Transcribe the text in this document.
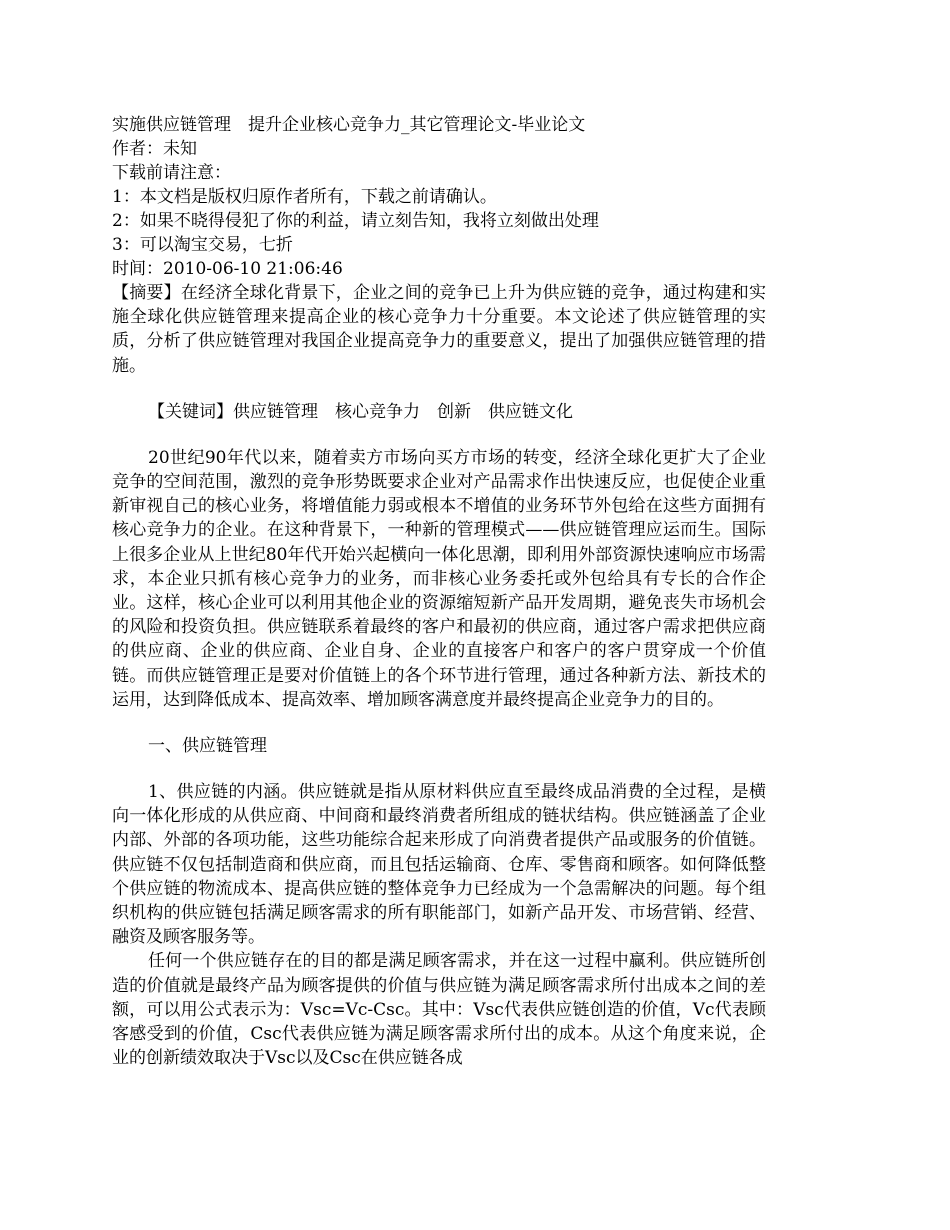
实施供应链管理　提升企业核心竞争力_其它管理论文-毕业论文
作者：未知
下载前请注意：
1：本文档是版权归原作者所有，下载之前请确认。
2：如果不晓得侵犯了你的利益，请立刻告知，我将立刻做出处理
3：可以淘宝交易，七折
时间：2010-06-10 21:06:46

【摘要】在经济全球化背景下，企业之间的竞争已上升为供应链的竞争，通过构建和实施全球化供应链管理来提高企业的核心竞争力十分重要。本文论述了供应链管理的实质，分析了供应链管理对我国企业提高竞争力的重要意义，提出了加强供应链管理的措施。

【关键词】供应链管理　核心竞争力　创新　供应链文化

20世纪90年代以来，随着卖方市场向买方市场的转变，经济全球化更扩大了企业竞争的空间范围，激烈的竞争形势既要求企业对产品需求作出快速反应，也促使企业重新审视自己的核心业务，将增值能力弱或根本不增值的业务环节外包给在这些方面拥有核心竞争力的企业。在这种背景下，一种新的管理模式——供应链管理应运而生。国际上很多企业从上世纪80年代开始兴起横向一体化思潮，即利用外部资源快速响应市场需求，本企业只抓有核心竞争力的业务，而非核心业务委托或外包给具有专长的合作企业。这样，核心企业可以利用其他企业的资源缩短新产品开发周期，避免丧失市场机会的风险和投资负担。供应链联系着最终的客户和最初的供应商，通过客户需求把供应商的供应商、企业的供应商、企业自身、企业的直接客户和客户的客户贯穿成一个价值链。而供应链管理正是要对价值链上的各个环节进行管理，通过各种新方法、新技术的运用，达到降低成本、提高效率、增加顾客满意度并最终提高企业竞争力的目的。

一、供应链管理

1、供应链的内涵。供应链就是指从原材料供应直至最终成品消费的全过程，是横向一体化形成的从供应商、中间商和最终消费者所组成的链状结构。供应链涵盖了企业内部、外部的各项功能，这些功能综合起来形成了向消费者提供产品或服务的价值链。供应链不仅包括制造商和供应商，而且包括运输商、仓库、零售商和顾客。如何降低整个供应链的物流成本、提高供应链的整体竞争力已经成为一个急需解决的问题。每个组织机构的供应链包括满足顾客需求的所有职能部门，如新产品开发、市场营销、经营、融资及顾客服务等。

任何一个供应链存在的目的都是满足顾客需求，并在这一过程中赢利。供应链所创造的价值就是最终产品为顾客提供的价值与供应链为满足顾客需求所付出成本之间的差额，可以用公式表示为：Vsc=Vc-Csc。其中：Vsc代表供应链创造的价值，Vc代表顾客感受到的价值，Csc代表供应链为满足顾客需求所付出的成本。从这个角度来说，企业的创新绩效取决于Vsc以及Csc在供应链各成
